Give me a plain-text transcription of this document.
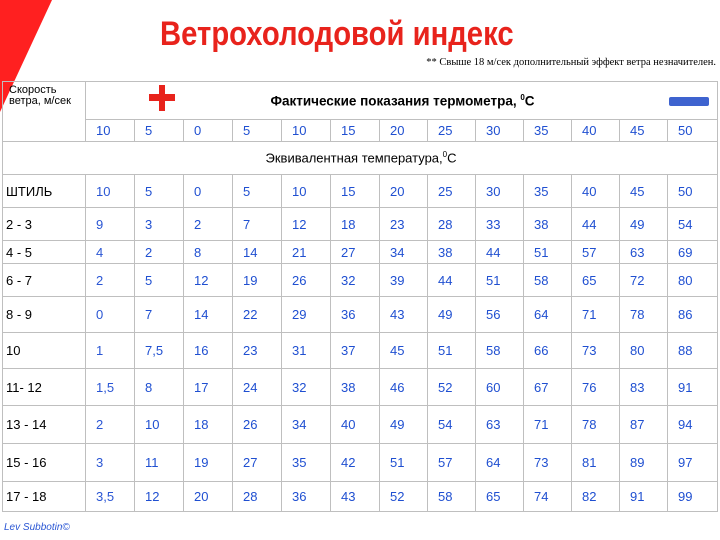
Ветрохолодовой индекс
** Свыше 18 м/сек дополнительный эффект ветра незначителен.
Скорость ветра, м/сек	Фактические показания термометра, $^0$С												

	10	5	0	5	10	15	20	25	30	35	40	45	50
Эквивалентная температура,$^0$С													
ШТИЛЬ	10	5	0	5	10	15	20	25	30	35	40	45	50
2 - 3	9	3	2	7	12	18	23	28	33	38	44	49	54
4 - 5	4	2	8	14	21	27	34	38	44	51	57	63	69
6 - 7	2	5	12	19	26	32	39	44	51	58	65	72	80
8 - 9	0	7	14	22	29	36	43	49	56	64	71	78	86
10	1	7,5	16	23	31	37	45	51	58	66	73	80	88
11- 12	1,5	8	17	24	32	38	46	52	60	67	76	83	91
13 - 14	2	10	18	26	34	40	49	54	63	71	78	87	94
15 - 16	3	11	19	27	35	42	51	57	64	73	81	89	97
17 - 18	3,5	12	20	28	36	43	52	58	65	74	82	91	99
Lev Subbotin©
